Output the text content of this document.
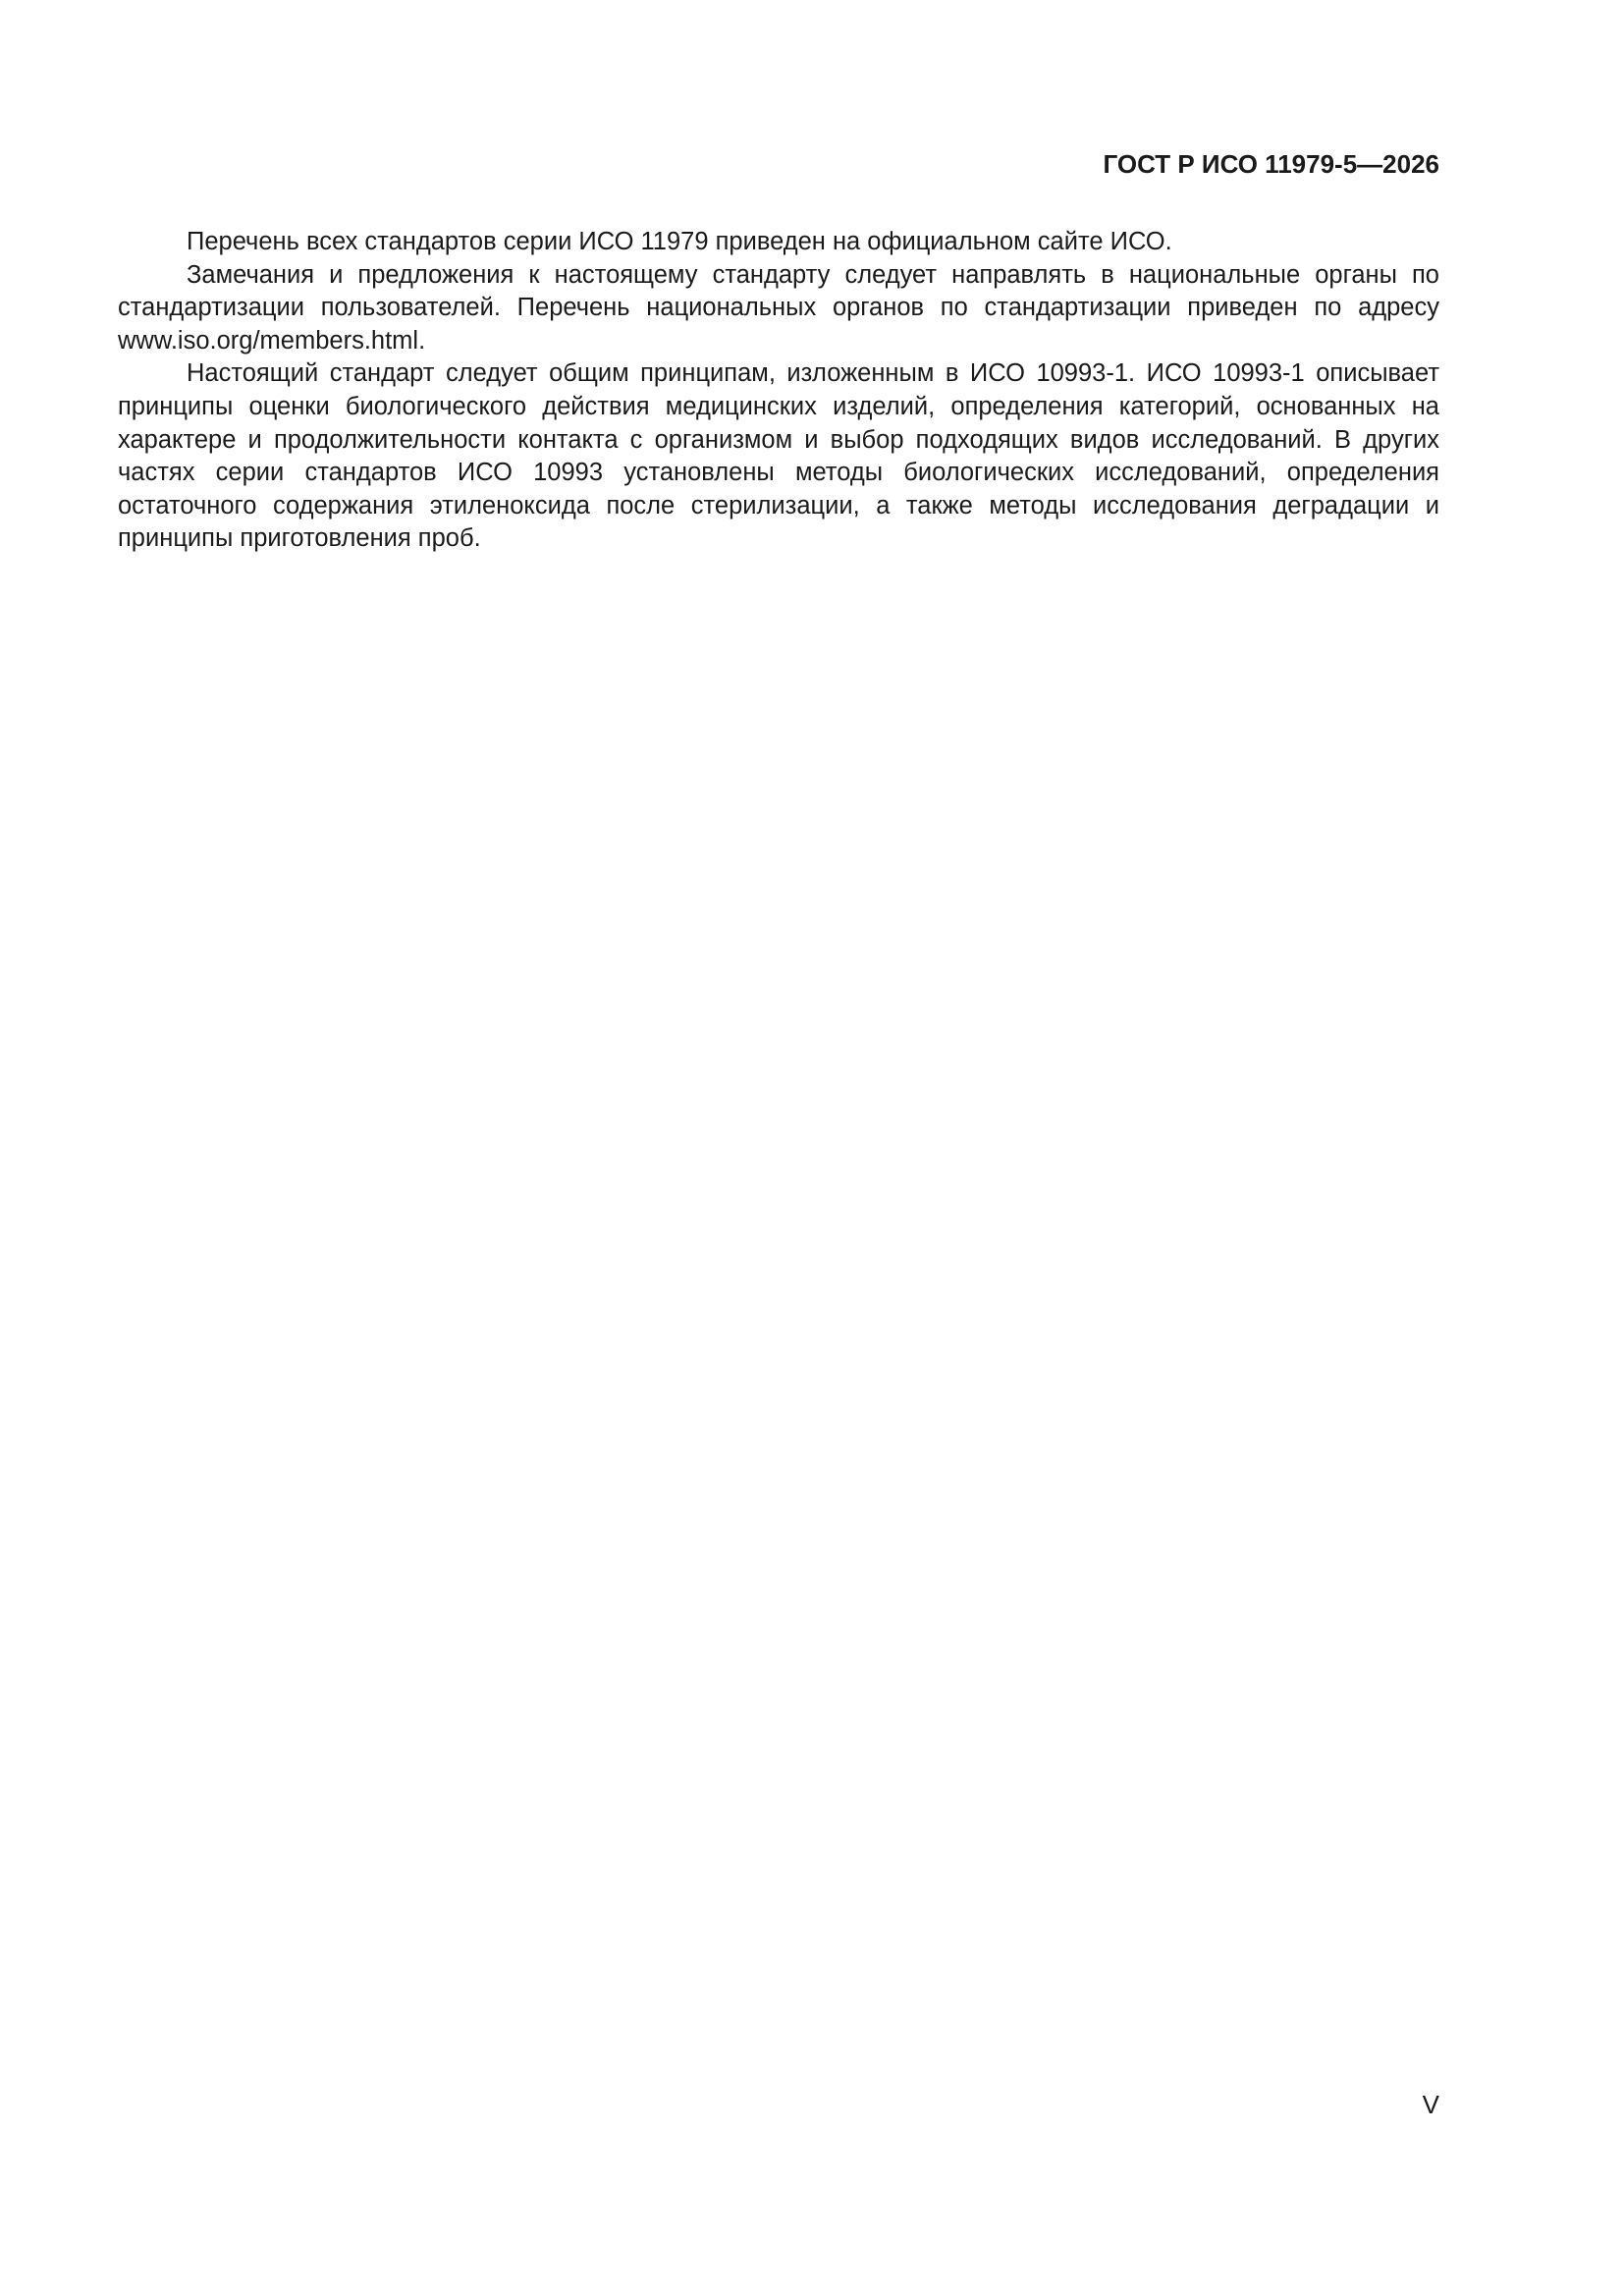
ГОСТ Р ИСО 11979-5—2026

Перечень всех стандартов серии ИСО 11979 приведен на официальном сайте ИСО.

Замечания и предложения к настоящему стандарту следует направлять в национальные органы по стандартизации пользователей. Перечень национальных органов по стандартизации приведен по адресу www.iso.org/members.html.

Настоящий стандарт следует общим принципам, изложенным в ИСО 10993-1. ИСО 10993-1 описывает принципы оценки биологического действия медицинских изделий, определения категорий, основанных на характере и продолжительности контакта с организмом и выбор подходящих видов исследований. В других частях серии стандартов ИСО 10993 установлены методы биологических исследований, определения остаточного содержания этиленоксида после стерилизации, а также методы исследования деградации и принципы приготовления проб.

V
